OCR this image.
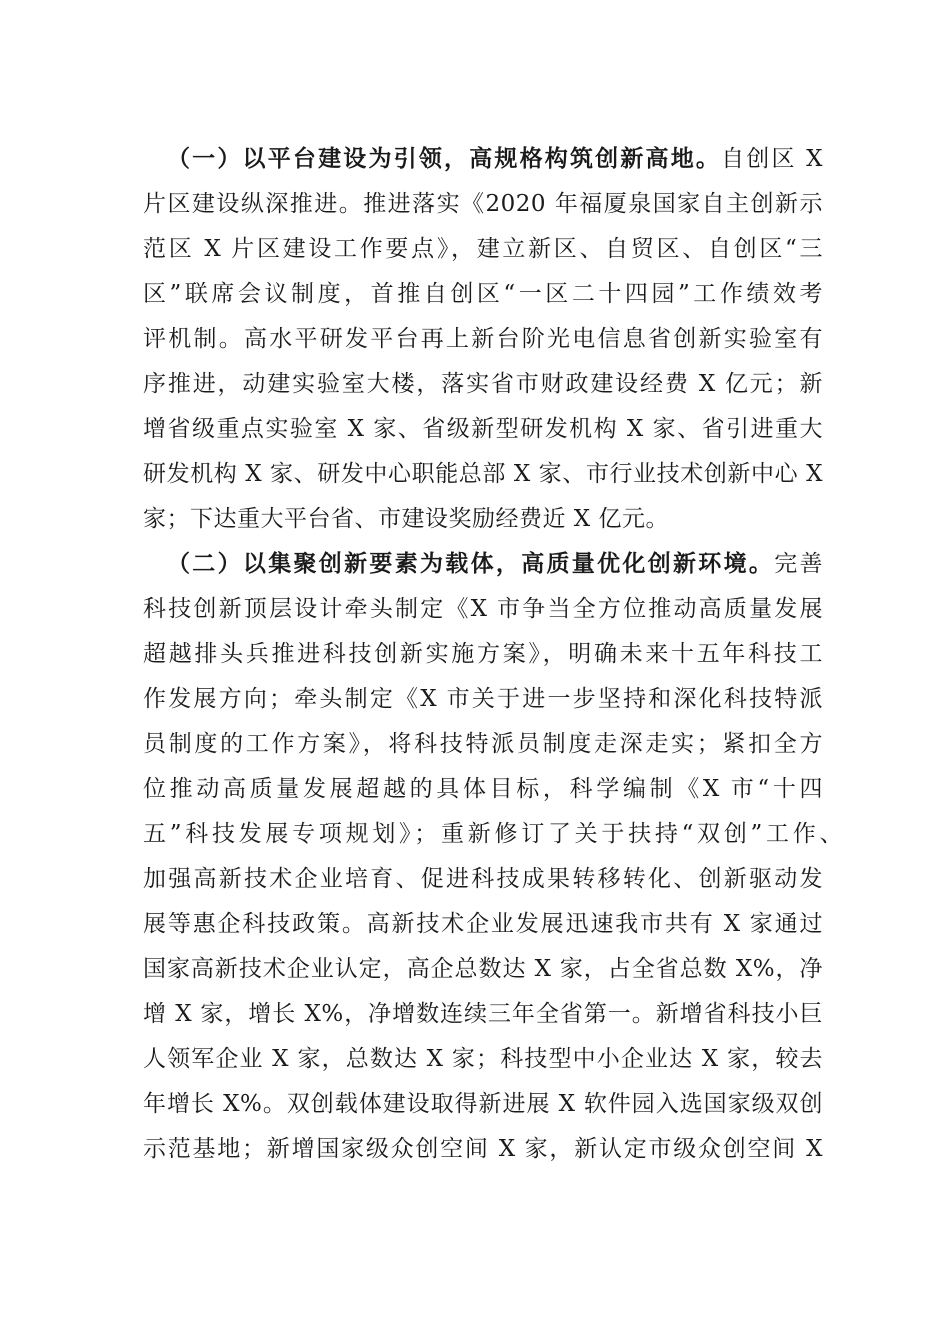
（一）以平台建设为引领，高规格构筑创新高地。自创区 X
片区建设纵深推进。推进落实《2020 年福厦泉国家自主创新示
范区 X 片区建设工作要点》，建立新区、自贸区、自创区“三
区”联席会议制度，首推自创区“一区二十四园”工作绩效考
评机制。高水平研发平台再上新台阶光电信息省创新实验室有
序推进，动建实验室大楼，落实省市财政建设经费 X 亿元；新
增省级重点实验室 X 家、省级新型研发机构 X 家、省引进重大
研发机构 X 家、研发中心职能总部 X 家、市行业技术创新中心 X
家；下达重大平台省、市建设奖励经费近 X 亿元。
（二）以集聚创新要素为载体，高质量优化创新环境。完善
科技创新顶层设计牵头制定《X 市争当全方位推动高质量发展
超越排头兵推进科技创新实施方案》，明确未来十五年科技工
作发展方向；牵头制定《X 市关于进一步坚持和深化科技特派
员制度的工作方案》，将科技特派员制度走深走实；紧扣全方
位推动高质量发展超越的具体目标，科学编制《X 市“十四
五”科技发展专项规划》；重新修订了关于扶持“双创”工作、
加强高新技术企业培育、促进科技成果转移转化、创新驱动发
展等惠企科技政策。高新技术企业发展迅速我市共有 X 家通过
国家高新技术企业认定，高企总数达 X 家，占全省总数 X%，净
增 X 家，增长 X%，净增数连续三年全省第一。新增省科技小巨
人领军企业 X 家，总数达 X 家；科技型中小企业达 X 家，较去
年增长 X%。双创载体建设取得新进展 X 软件园入选国家级双创
示范基地；新增国家级众创空间 X 家，新认定市级众创空间 X
